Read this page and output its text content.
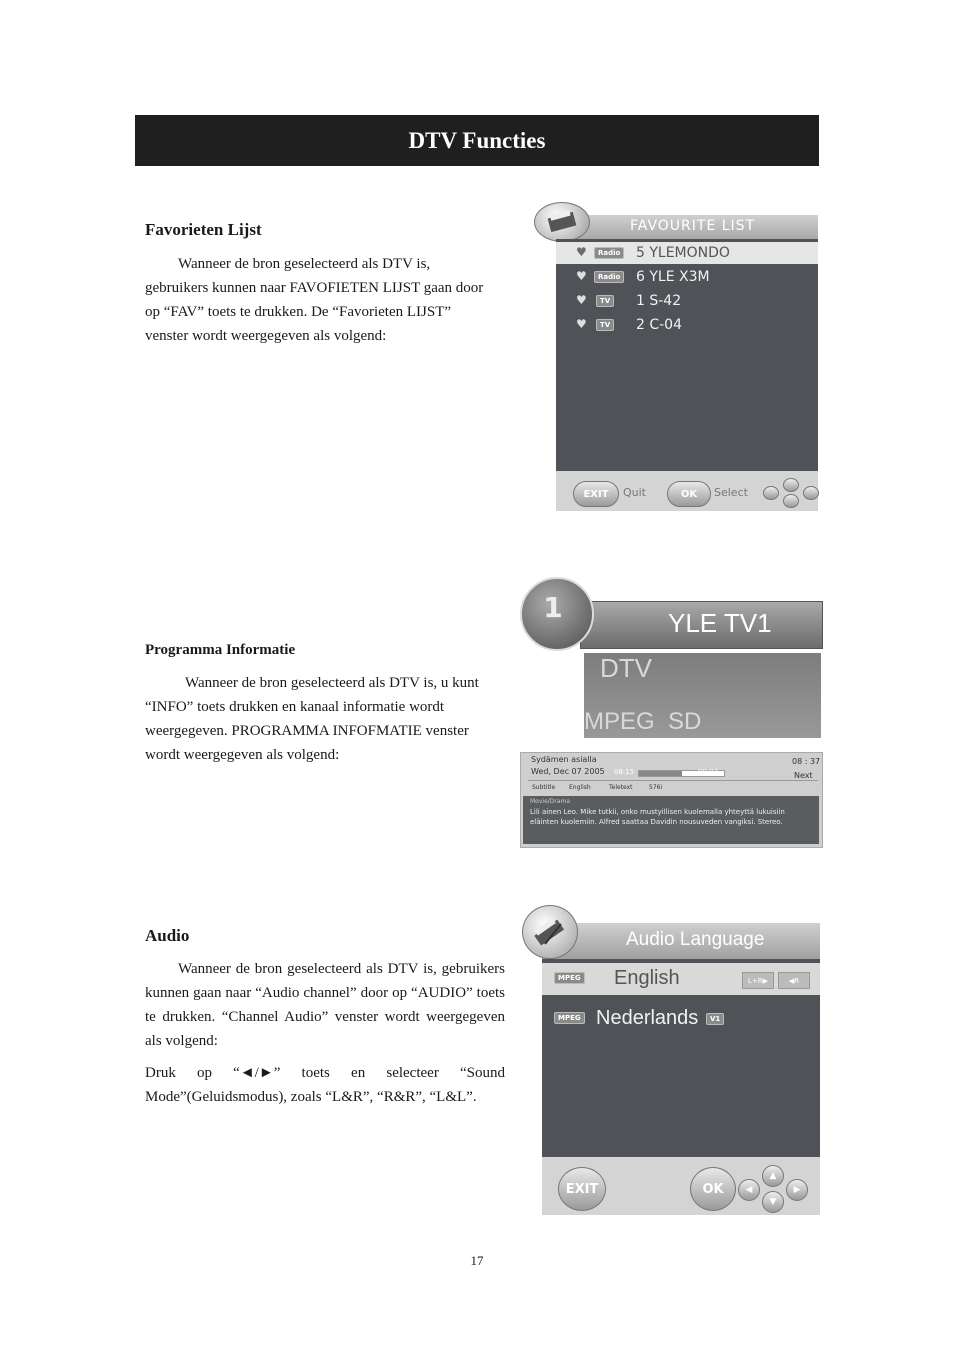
DTV Functies
Favorieten Lijst

Wanneer de bron geselecteerd als DTV is, gebruikers kunnen naar FAVOFIETEN LIJST gaan door op “FAV” toets te drukken. De “Favorieten LIJST” venster wordt weergegeven als volgend:

FAVOURITE LIST
♥	Radio 5 YLEMONDO
♥	Radio 6 YLE X3M
♥	TV 1 S-42
♥	TV 2 C-04
EXIT	Quit	OK	Select
Programma Informatie

Wanneer de bron geselecteerd als DTV is, u kunt “INFO” toets drukken en kanaal informatie wordt weergegeven. PROGRAMMA INFOFMATIE venster wordt weergegeven als volgend:

YLE TV1
1
DTV
MPEG  SD
Sydämen asialla
Wed, Dec 07 2005 08:15	09:03
08 : 37
Next
Subtitle English	Teletext	576i
Movie/Drama
Lili ainen Leo. Mike tutkii, onko mustyillisen kuolemalla yhteyttä lukuisiin eläinten kuolemiin. Alfred saattaa Davidin nousuveden vangiksi. Stereo.
Audio

Wanneer de bron geselecteerd als DTV is, gebruikers kunnen gaan naar “Audio channel” door op “AUDIO” toets te drukken. “Channel Audio” venster wordt weergegeven als volgend:

Druk op “◄/►” toets en selecteer “Sound Mode”(Geluidsmodus), zoals “L&R”, “R&R”, “L&L”.

Audio Language
MPEG English	L+R ▶	◀ R
MPEG Nederlands	V1
EXIT	OK	◀
▲
▼
▶
17
